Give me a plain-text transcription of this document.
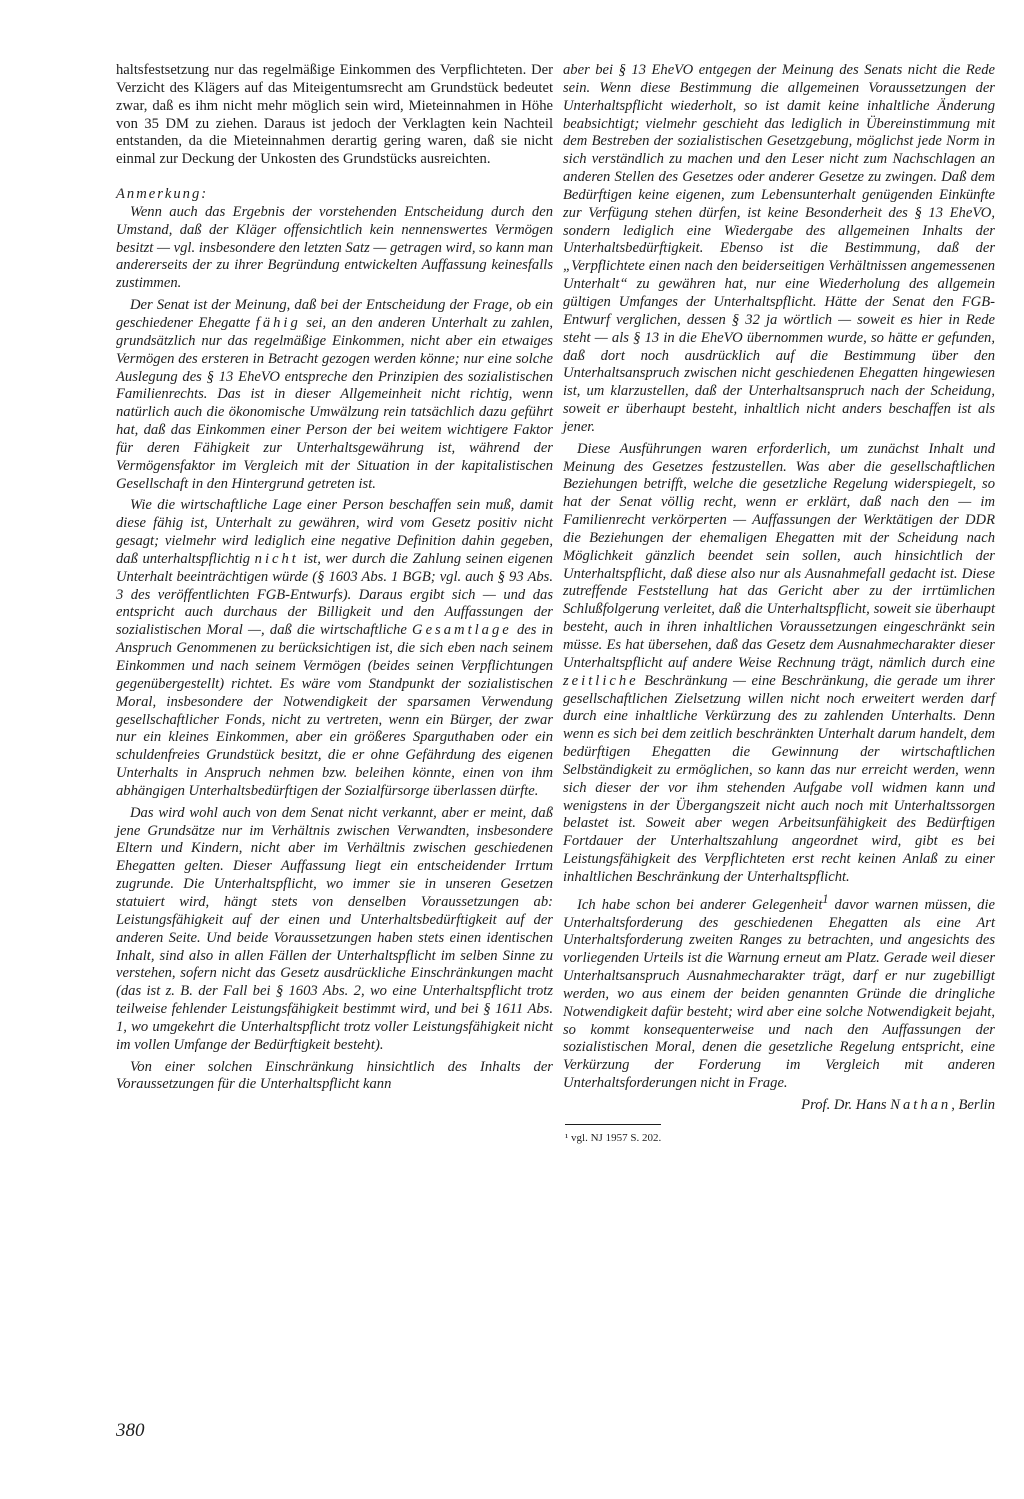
haltsfestsetzung nur das regelmäßige Einkommen des Verpflichteten. Der Verzicht des Klägers auf das Miteigentumsrecht am Grundstück bedeutet zwar, daß es ihm nicht mehr möglich sein wird, Mieteinnahmen in Höhe von 35 DM zu ziehen. Daraus ist jedoch der Verklagten kein Nachteil entstanden, da die Mieteinnahmen derartig gering waren, daß sie nicht einmal zur Deckung der Unkosten des Grundstücks ausreichten.

Anmerkung:

Wenn auch das Ergebnis der vorstehenden Entscheidung durch den Umstand, daß der Kläger offensichtlich kein nennenswertes Vermögen besitzt — vgl. insbesondere den letzten Satz — getragen wird, so kann man andererseits der zu ihrer Begründung entwickelten Auffassung keinesfalls zustimmen.

Der Senat ist der Meinung, daß bei der Entscheidung der Frage, ob ein geschiedener Ehegatte fähig sei, an den anderen Unterhalt zu zahlen, grundsätzlich nur das regelmäßige Einkommen, nicht aber ein etwaiges Vermögen des ersteren in Betracht gezogen werden könne; nur eine solche Auslegung des § 13 EheVO entspreche den Prinzipien des sozialistischen Familienrechts. Das ist in dieser Allgemeinheit nicht richtig, wenn natürlich auch die ökonomische Umwälzung rein tatsächlich dazu geführt hat, daß das Einkommen einer Person der bei weitem wichtigere Faktor für deren Fähigkeit zur Unterhaltsgewährung ist, während der Vermögensfaktor im Vergleich mit der Situation in der kapitalistischen Gesellschaft in den Hintergrund getreten ist.

Wie die wirtschaftliche Lage einer Person beschaffen sein muß, damit diese fähig ist, Unterhalt zu gewähren, wird vom Gesetz positiv nicht gesagt; vielmehr wird lediglich eine negative Definition dahin gegeben, daß unterhaltspflichtig nicht ist, wer durch die Zahlung seinen eigenen Unterhalt beeinträchtigen würde (§ 1603 Abs. 1 BGB; vgl. auch § 93 Abs. 3 des veröffentlichten FGB-Entwurfs). Daraus ergibt sich — und das entspricht auch durchaus der Billigkeit und den Auffassungen der sozialistischen Moral —, daß die wirtschaftliche Gesamtlage des in Anspruch Genommenen zu berücksichtigen ist, die sich eben nach seinem Einkommen und nach seinem Vermögen (beides seinen Verpflichtungen gegenübergestellt) richtet. Es wäre vom Standpunkt der sozialistischen Moral, insbesondere der Notwendigkeit der sparsamen Verwendung gesellschaftlicher Fonds, nicht zu vertreten, wenn ein Bürger, der zwar nur ein kleines Einkommen, aber ein größeres Sparguthaben oder ein schuldenfreies Grundstück besitzt, die er ohne Gefährdung des eigenen Unterhalts in Anspruch nehmen bzw. beleihen könnte, einen von ihm abhängigen Unterhaltsbedürftigen der Sozialfürsorge überlassen dürfte.

Das wird wohl auch von dem Senat nicht verkannt, aber er meint, daß jene Grundsätze nur im Verhältnis zwischen Verwandten, insbesondere Eltern und Kindern, nicht aber im Verhältnis zwischen geschiedenen Ehegatten gelten. Dieser Auffassung liegt ein entscheidender Irrtum zugrunde. Die Unterhaltspflicht, wo immer sie in unseren Gesetzen statuiert wird, hängt stets von denselben Voraussetzungen ab: Leistungsfähigkeit auf der einen und Unterhaltsbedürftigkeit auf der anderen Seite. Und beide Voraussetzungen haben stets einen identischen Inhalt, sind also in allen Fällen der Unterhaltspflicht im selben Sinne zu verstehen, sofern nicht das Gesetz ausdrückliche Einschränkungen macht (das ist z. B. der Fall bei § 1603 Abs. 2, wo eine Unterhaltspflicht trotz teilweise fehlender Leistungsfähigkeit bestimmt wird, und bei § 1611 Abs. 1, wo umgekehrt die Unterhaltspflicht trotz voller Leistungsfähigkeit nicht im vollen Umfange der Bedürftigkeit besteht).

Von einer solchen Einschränkung hinsichtlich des Inhalts der Voraussetzungen für die Unterhaltspflicht kann

aber bei § 13 EheVO entgegen der Meinung des Senats nicht die Rede sein. Wenn diese Bestimmung die allgemeinen Voraussetzungen der Unterhaltspflicht wiederholt, so ist damit keine inhaltliche Änderung beabsichtigt; vielmehr geschieht das lediglich in Übereinstimmung mit dem Bestreben der sozialistischen Gesetzgebung, möglichst jede Norm in sich verständlich zu machen und den Leser nicht zum Nachschlagen an anderen Stellen des Gesetzes oder anderer Gesetze zu zwingen. Daß dem Bedürftigen keine eigenen, zum Lebensunterhalt genügenden Einkünfte zur Verfügung stehen dürfen, ist keine Besonderheit des § 13 EheVO, sondern lediglich eine Wiedergabe des allgemeinen Inhalts der Unterhaltsbedürftigkeit. Ebenso ist die Bestimmung, daß der „Verpflichtete einen nach den beiderseitigen Verhältnissen angemessenen Unterhalt“ zu gewähren hat, nur eine Wiederholung des allgemein gültigen Umfanges der Unterhaltspflicht. Hätte der Senat den FGB-Entwurf verglichen, dessen § 32 ja wörtlich — soweit es hier in Rede steht — als § 13 in die EheVO übernommen wurde, so hätte er gefunden, daß dort noch ausdrücklich auf die Bestimmung über den Unterhaltsanspruch zwischen nicht geschiedenen Ehegatten hingewiesen ist, um klarzustellen, daß der Unterhaltsanspruch nach der Scheidung, soweit er überhaupt besteht, inhaltlich nicht anders beschaffen ist als jener.

Diese Ausführungen waren erforderlich, um zunächst Inhalt und Meinung des Gesetzes festzustellen. Was aber die gesellschaftlichen Beziehungen betrifft, welche die gesetzliche Regelung widerspiegelt, so hat der Senat völlig recht, wenn er erklärt, daß nach den — im Familienrecht verkörperten — Auffassungen der Werktätigen der DDR die Beziehungen der ehemaligen Ehegatten mit der Scheidung nach Möglichkeit gänzlich beendet sein sollen, auch hinsichtlich der Unterhaltspflicht, daß diese also nur als Ausnahmefall gedacht ist. Diese zutreffende Feststellung hat das Gericht aber zu der irrtümlichen Schlußfolgerung verleitet, daß die Unterhaltspflicht, soweit sie überhaupt besteht, auch in ihren inhaltlichen Voraussetzungen eingeschränkt sein müsse. Es hat übersehen, daß das Gesetz dem Ausnahmecharakter dieser Unterhaltspflicht auf andere Weise Rechnung trägt, nämlich durch eine zeitliche Beschränkung — eine Beschränkung, die gerade um ihrer gesellschaftlichen Zielsetzung willen nicht noch erweitert werden darf durch eine inhaltliche Verkürzung des zu zahlenden Unterhalts. Denn wenn es sich bei dem zeitlich beschränkten Unterhalt darum handelt, dem bedürftigen Ehegatten die Gewinnung der wirtschaftlichen Selbständigkeit zu ermöglichen, so kann das nur erreicht werden, wenn sich dieser der vor ihm stehenden Aufgabe voll widmen kann und wenigstens in der Übergangszeit nicht auch noch mit Unterhaltssorgen belastet ist. Soweit aber wegen Arbeitsunfähigkeit des Bedürftigen Fortdauer der Unterhaltszahlung angeordnet wird, gibt es bei Leistungsfähigkeit des Verpflichteten erst recht keinen Anlaß zu einer inhaltlichen Beschränkung der Unterhaltspflicht.

Ich habe schon bei anderer Gelegenheit$^1$ davor warnen müssen, die Unterhaltsforderung des geschiedenen Ehegatten als eine Art Unterhaltsforderung zweiten Ranges zu betrachten, und angesichts des vorliegenden Urteils ist die Warnung erneut am Platz. Gerade weil dieser Unterhaltsanspruch Ausnahmecharakter trägt, darf er nur zugebilligt werden, wo aus einem der beiden genannten Gründe die dringliche Notwendigkeit dafür besteht; wird aber eine solche Notwendigkeit bejaht, so kommt konsequenterweise und nach den Auffassungen der sozialistischen Moral, denen die gesetzliche Regelung entspricht, eine Verkürzung der Forderung im Vergleich mit anderen Unterhaltsforderungen nicht in Frage.

Prof. Dr. Hans Nathan, Berlin

¹ vgl. NJ 1957 S. 202.

380
